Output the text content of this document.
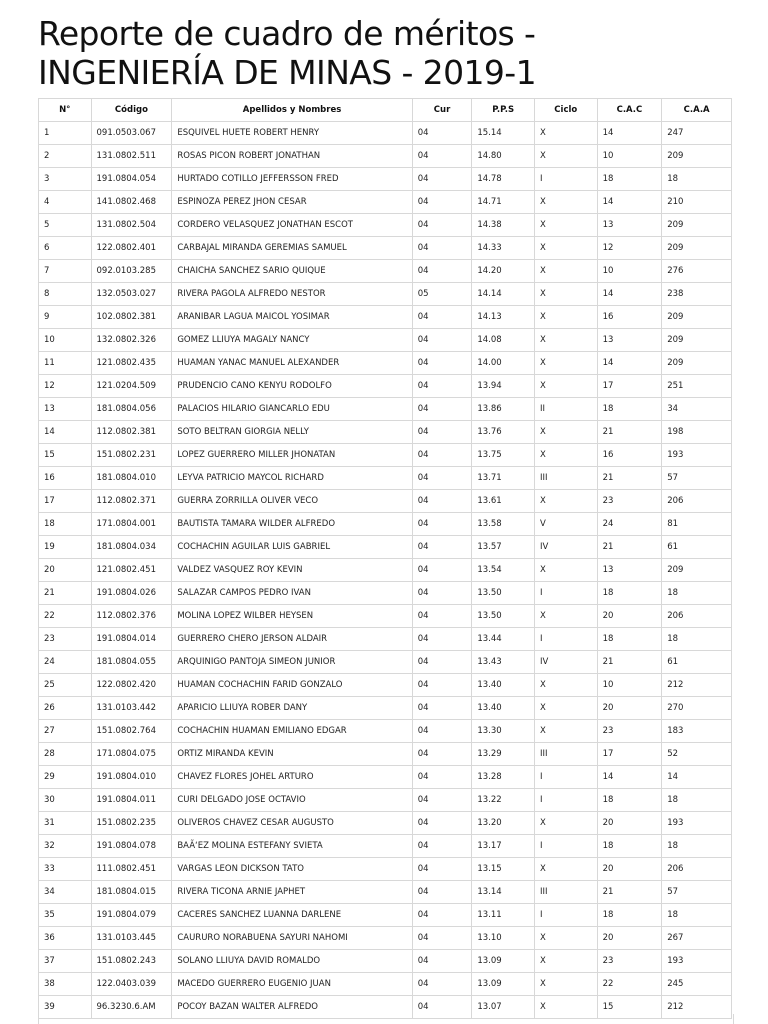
Reporte de cuadro de méritos -
INGENIERÍA DE MINAS - 2019-1
N°	Código	Apellidos y Nombres	Cur	P.P.S	Ciclo	C.A.C	C.A.A
1	091.0503.067	ESQUIVEL HUETE ROBERT HENRY	04	15.14	X	14	247
2	131.0802.511	ROSAS PICON ROBERT JONATHAN	04	14.80	X	10	209
3	191.0804.054	HURTADO COTILLO JEFFERSSON FRED	04	14.78	I	18	18
4	141.0802.468	ESPINOZA PEREZ JHON CESAR	04	14.71	X	14	210
5	131.0802.504	CORDERO VELASQUEZ JONATHAN ESCOT	04	14.38	X	13	209
6	122.0802.401	CARBAJAL MIRANDA GEREMIAS SAMUEL	04	14.33	X	12	209
7	092.0103.285	CHAICHA SANCHEZ SARIO QUIQUE	04	14.20	X	10	276
8	132.0503.027	RIVERA PAGOLA ALFREDO NESTOR	05	14.14	X	14	238
9	102.0802.381	ARANIBAR LAGUA MAICOL YOSIMAR	04	14.13	X	16	209
10	132.0802.326	GOMEZ LLIUYA MAGALY NANCY	04	14.08	X	13	209
11	121.0802.435	HUAMAN YANAC MANUEL ALEXANDER	04	14.00	X	14	209
12	121.0204.509	PRUDENCIO CANO KENYU RODOLFO	04	13.94	X	17	251
13	181.0804.056	PALACIOS HILARIO GIANCARLO EDU	04	13.86	II	18	34
14	112.0802.381	SOTO BELTRAN GIORGIA NELLY	04	13.76	X	21	198
15	151.0802.231	LOPEZ GUERRERO MILLER JHONATAN	04	13.75	X	16	193
16	181.0804.010	LEYVA PATRICIO MAYCOL RICHARD	04	13.71	III	21	57
17	112.0802.371	GUERRA ZORRILLA OLIVER VECO	04	13.61	X	23	206
18	171.0804.001	BAUTISTA TAMARA WILDER ALFREDO	04	13.58	V	24	81
19	181.0804.034	COCHACHIN AGUILAR LUIS GABRIEL	04	13.57	IV	21	61
20	121.0802.451	VALDEZ VASQUEZ ROY KEVIN	04	13.54	X	13	209
21	191.0804.026	SALAZAR CAMPOS PEDRO IVAN	04	13.50	I	18	18
22	112.0802.376	MOLINA LOPEZ WILBER HEYSEN	04	13.50	X	20	206
23	191.0804.014	GUERRERO CHERO JERSON ALDAIR	04	13.44	I	18	18
24	181.0804.055	ARQUINIGO PANTOJA SIMEON JUNIOR	04	13.43	IV	21	61
25	122.0802.420	HUAMAN COCHACHIN FARID GONZALO	04	13.40	X	10	212
26	131.0103.442	APARICIO LLIUYA ROBER DANY	04	13.40	X	20	270
27	151.0802.764	COCHACHIN HUAMAN EMILIANO EDGAR	04	13.30	X	23	183
28	171.0804.075	ORTIZ MIRANDA KEVIN	04	13.29	III	17	52
29	191.0804.010	CHAVEZ FLORES JOHEL ARTURO	04	13.28	I	14	14
30	191.0804.011	CURI DELGADO JOSE OCTAVIO	04	13.22	I	18	18
31	151.0802.235	OLIVEROS CHAVEZ CESAR AUGUSTO	04	13.20	X	20	193
32	191.0804.078	BAÃ‘EZ MOLINA ESTEFANY SVIETA	04	13.17	I	18	18
33	111.0802.451	VARGAS LEON DICKSON TATO	04	13.15	X	20	206
34	181.0804.015	RIVERA TICONA ARNIE JAPHET	04	13.14	III	21	57
35	191.0804.079	CACERES SANCHEZ LUANNA DARLENE	04	13.11	I	18	18
36	131.0103.445	CAURURO NORABUENA SAYURI NAHOMI	04	13.10	X	20	267
37	151.0802.243	SOLANO LLIUYA DAVID ROMALDO	04	13.09	X	23	193
38	122.0403.039	MACEDO GUERRERO EUGENIO JUAN	04	13.09	X	22	245
39	96.3230.6.AM	POCOY BAZAN WALTER ALFREDO	04	13.07	X	15	212
